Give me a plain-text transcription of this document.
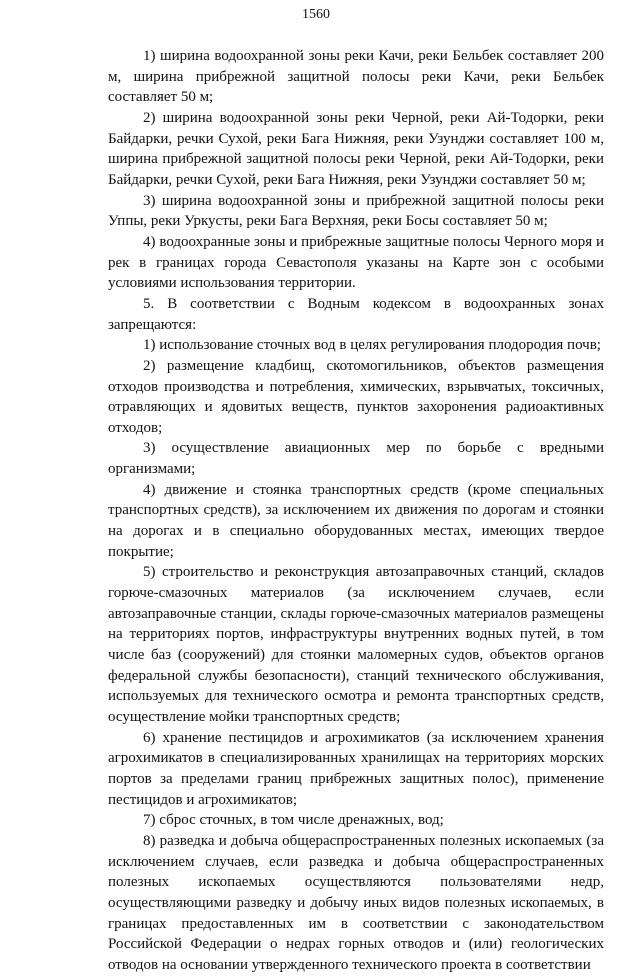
1560

1) ширина водоохранной зоны реки Качи, реки Бельбек составляет 200 м, ширина прибрежной защитной полосы реки Качи, реки Бельбек составляет 50 м;

2) ширина водоохранной зоны реки Черной, реки Ай-Тодорки, реки Байдарки, речки Сухой, реки Бага Нижняя, реки Узунджи составляет 100 м, ширина прибрежной защитной полосы реки Черной, реки Ай-Тодорки, реки Байдарки, речки Сухой, реки Бага Нижняя, реки Узунджи составляет 50 м;

3) ширина водоохранной зоны и прибрежной защитной полосы реки Уппы, реки Уркусты, реки Бага Верхняя, реки Босы составляет 50 м;

4) водоохранные зоны и прибрежные защитные полосы Черного моря и рек в границах города Севастополя указаны на Карте зон с особыми условиями использования территории.

5. В соответствии с Водным кодексом в водоохранных зонах запрещаются:

1) использование сточных вод в целях регулирования плодородия почв;

2) размещение кладбищ, скотомогильников, объектов размещения отходов производства и потребления, химических, взрывчатых, токсичных, отравляющих и ядовитых веществ, пунктов захоронения радиоактивных отходов;

3) осуществление авиационных мер по борьбе с вредными организмами;

4) движение и стоянка транспортных средств (кроме специальных транспортных средств), за исключением их движения по дорогам и стоянки на дорогах и в специально оборудованных местах, имеющих твердое покрытие;

5) строительство и реконструкция автозаправочных станций, складов горюче-смазочных материалов (за исключением случаев, если автозаправочные станции, склады горюче-смазочных материалов размещены на территориях портов, инфраструктуры внутренних водных путей, в том числе баз (сооружений) для стоянки маломерных судов, объектов органов федеральной службы безопасности), станций технического обслуживания, используемых для технического осмотра и ремонта транспортных средств, осуществление мойки транспортных средств;

6) хранение пестицидов и агрохимикатов (за исключением хранения агрохимикатов в специализированных хранилищах на территориях морских портов за пределами границ прибрежных защитных полос), применение пестицидов и агрохимикатов;

7) сброс сточных, в том числе дренажных, вод;

8) разведка и добыча общераспространенных полезных ископаемых (за исключением случаев, если разведка и добыча общераспространенных полезных ископаемых осуществляются пользователями недр, осуществляющими разведку и добычу иных видов полезных ископаемых, в границах предоставленных им в соответствии с законодательством Российской Федерации о недрах горных отводов и (или) геологических отводов на основании утвержденного технического проекта в соответствии
